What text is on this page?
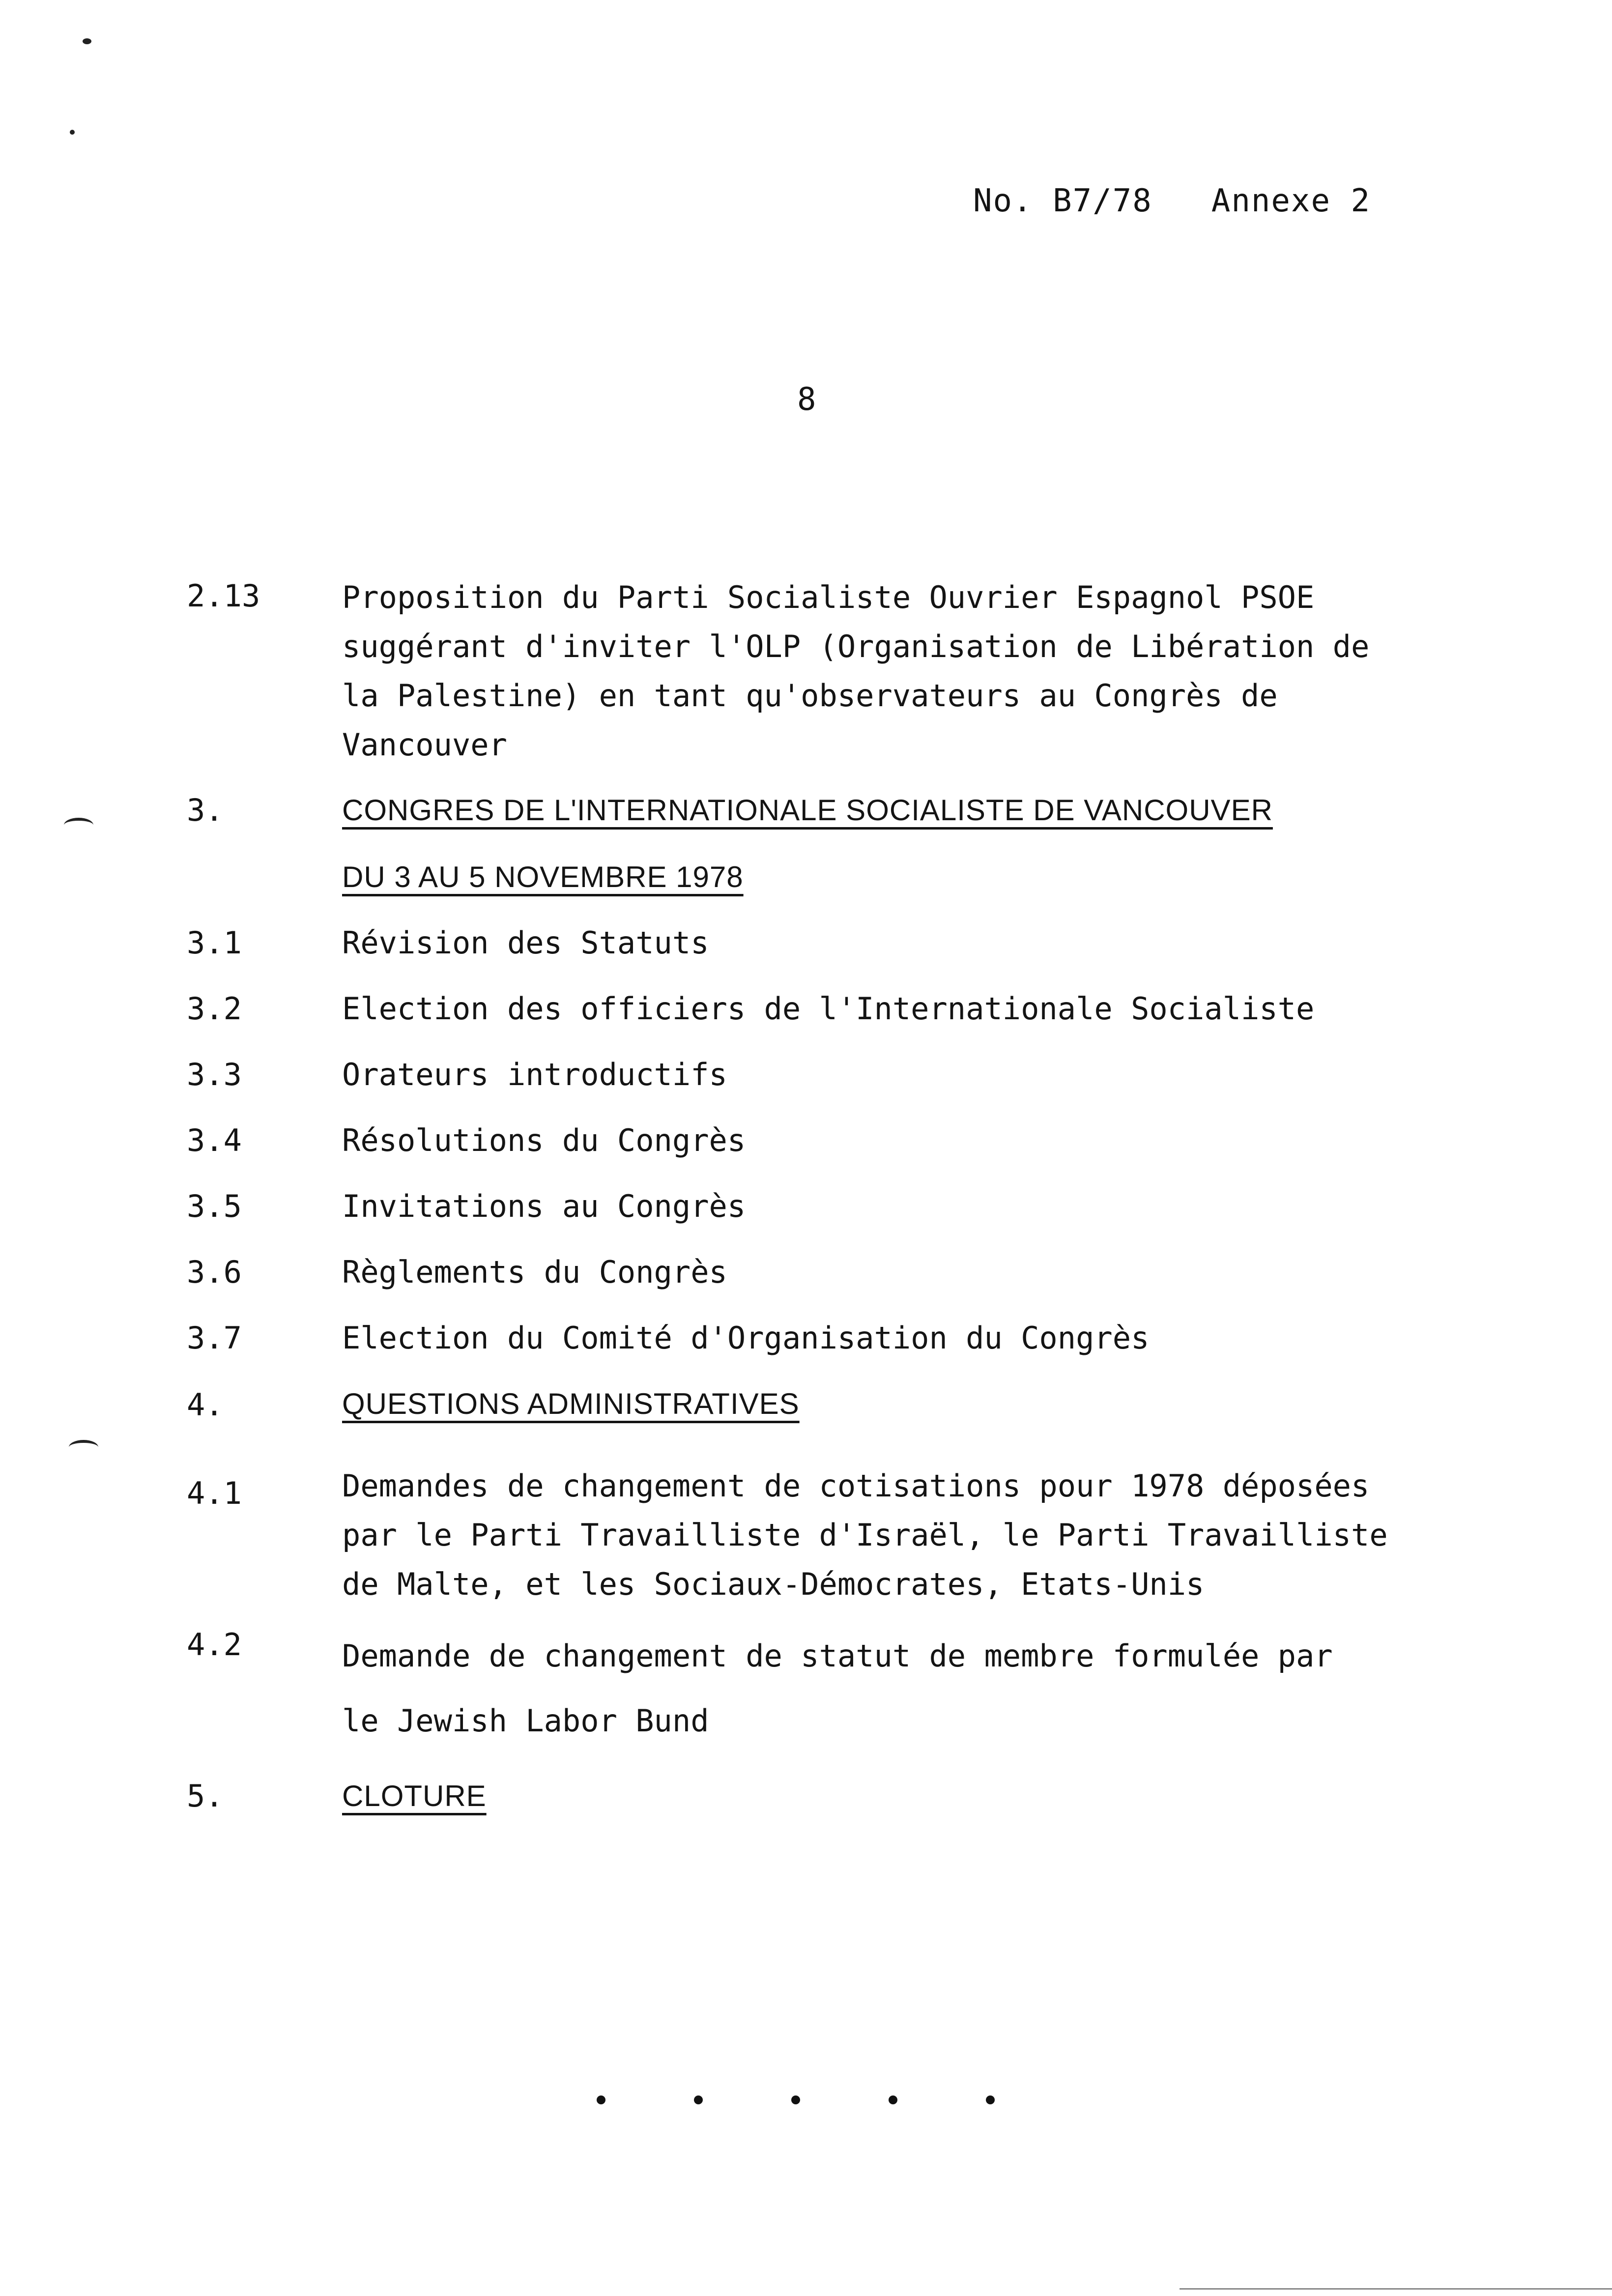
No. B7/78 Annexe 2
8
2.13	Proposition du Parti Socialiste Ouvrier Espagnol PSOE
suggérant d'inviter l'OLP (Organisation de Libération de
la Palestine) en tant qu'observateurs au Congrès de
Vancouver
3.	CONGRES DE L'INTERNATIONALE SOCIALISTE DE VANCOUVER
DU 3 AU 5 NOVEMBRE 1978
3.1	Révision des Statuts
3.2	Election des officiers de l'Internationale Socialiste
3.3	Orateurs introductifs
3.4	Résolutions du Congrès
3.5	Invitations au Congrès
3.6	Règlements du Congrès
3.7	Election du Comité d'Organisation du Congrès
4.	QUESTIONS ADMINISTRATIVES
4.1	Demandes de changement de cotisations pour 1978 déposées
par le Parti Travailliste d'Israël, le Parti Travailliste
de Malte, et les Sociaux-Démocrates, Etats-Unis
4.2	Demande de changement de statut de membre formulée par
le Jewish Labor Bund
5.	CLOTURE
